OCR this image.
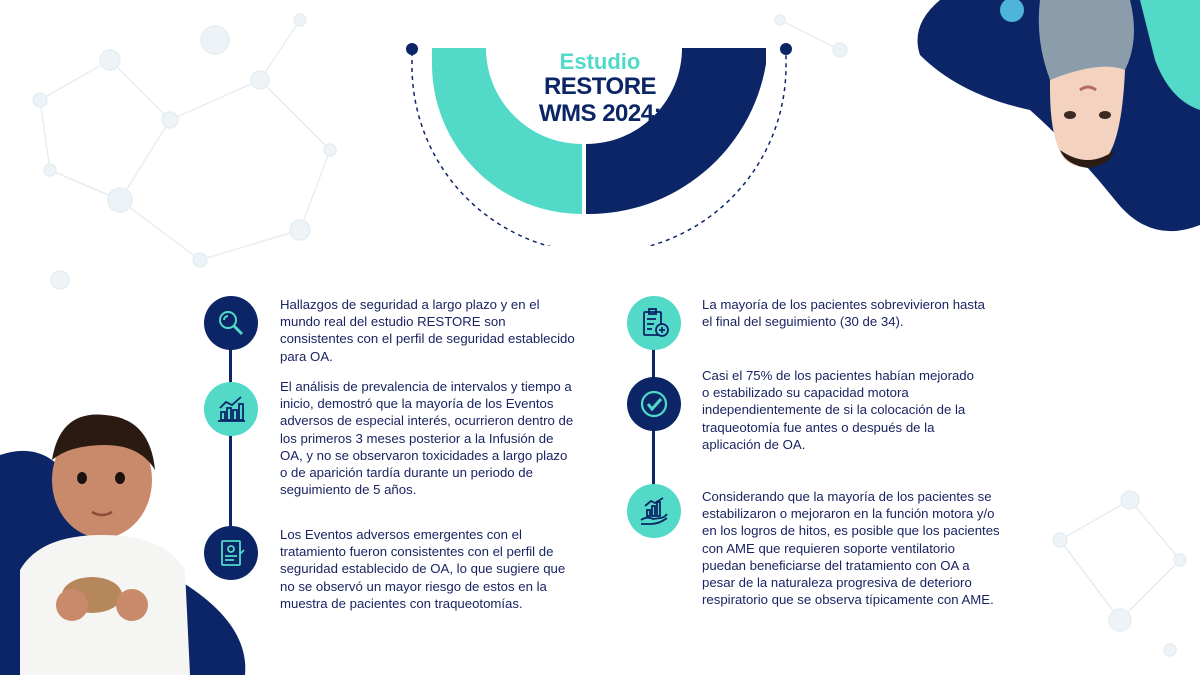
Estudio
RESTORE
WMS 2024:
Hallazgos de seguridad a largo plazo y en el mundo real del estudio RESTORE son consistentes con el perfil de seguridad establecido para OA.
El análisis de prevalencia de intervalos y tiempo a inicio, demostró que la mayoría de los Eventos adversos de especial interés, ocurrieron dentro de los primeros 3 meses posterior a la Infusión de OA, y no se observaron toxicidades a largo plazo o de aparición tardía durante un periodo de seguimiento de 5 años.
Los Eventos adversos emergentes con el tratamiento fueron consistentes con el perfil de seguridad establecido de OA, lo que sugiere que no se observó un mayor riesgo de estos en la muestra de pacientes con traqueotomías.
La mayoría de los pacientes sobrevivieron hasta el final del seguimiento (30 de 34).
Casi el 75% de los pacientes habían mejorado o estabilizado su capacidad motora independientemente de si la colocación de la traqueotomía fue antes o después de la aplicación de OA.
Considerando que la mayoría de los pacientes se estabilizaron o mejoraron en la función motora y/o en los logros de hitos, es posible que los pacientes con AME que requieren soporte ventilatorio puedan beneficiarse del tratamiento con OA a pesar de la naturaleza progresiva de deterioro respiratorio que se observa típicamente con AME.
